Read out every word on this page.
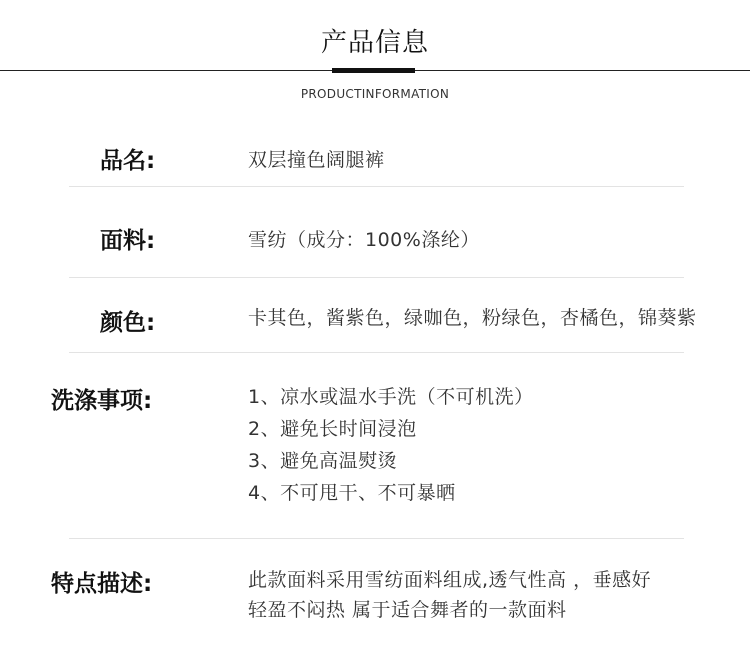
产品信息
PRODUCTINFORMATION
品名:	双层撞色阔腿裤
面料:	雪纺（成分：100%涤纶）
颜色:	卡其色，酱紫色，绿咖色，粉绿色，杏橘色，锦葵紫
洗涤事项:	1、凉水或温水手洗（不可机洗）
2、避免长时间浸泡
3、避免高温熨烫
4、不可甩干、不可暴晒
特点描述:	此款面料采用雪纺面料组成,透气性高 ，垂感好
轻盈不闷热 属于适合舞者的一款面料
